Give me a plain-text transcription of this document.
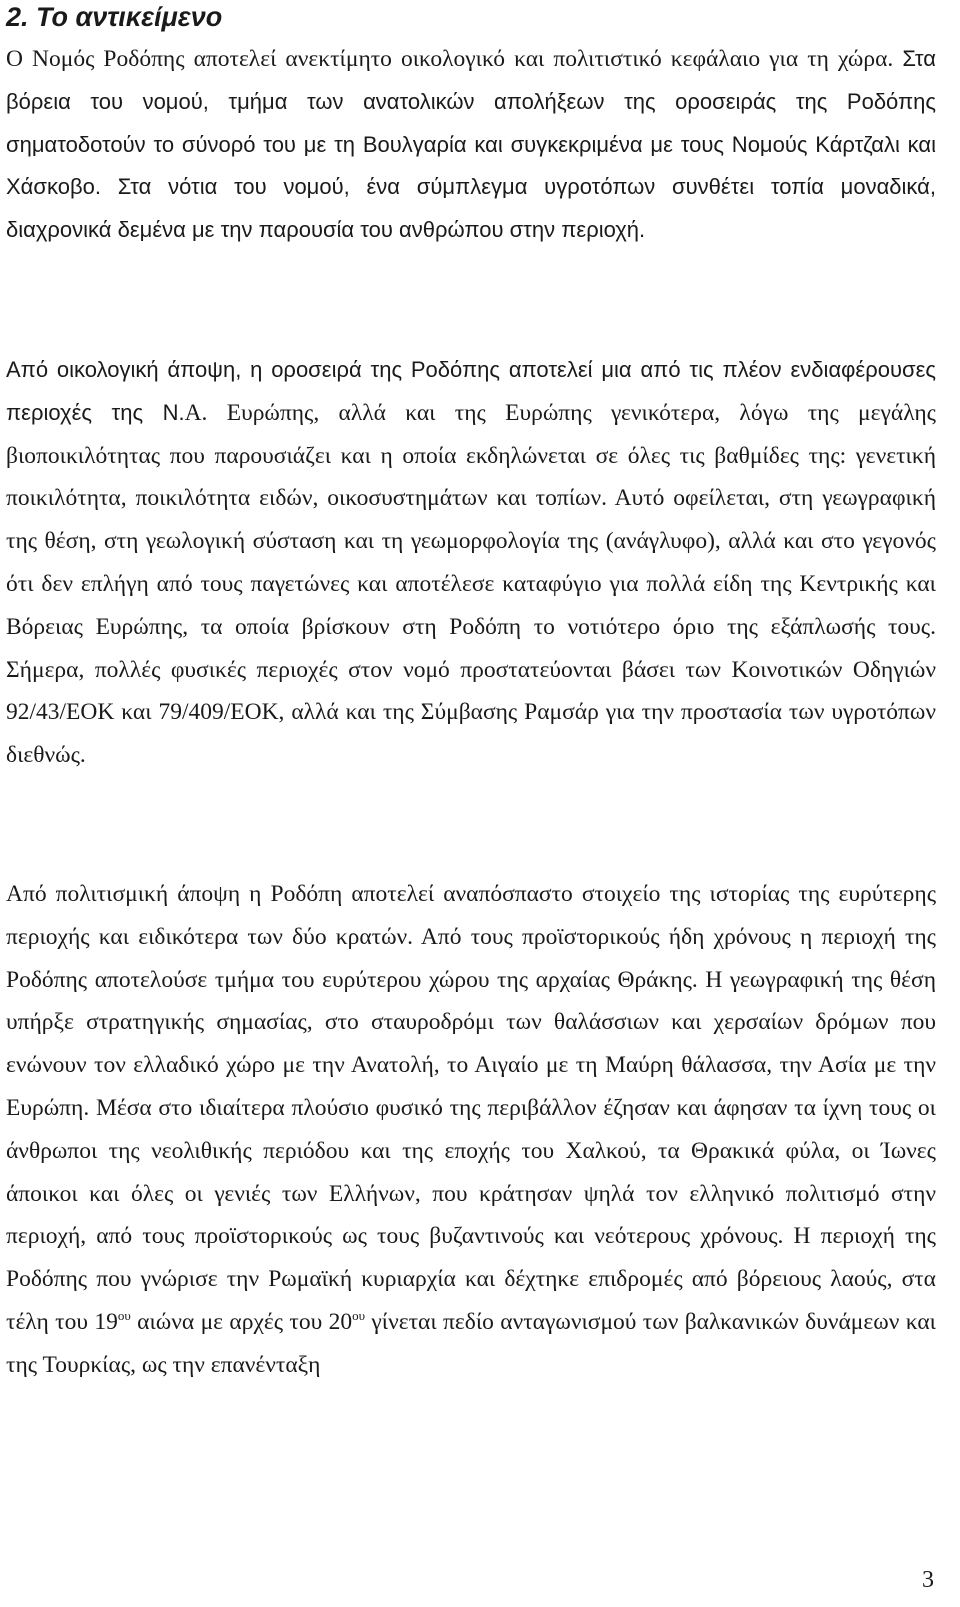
2. Το αντικείμενο

Ο Νομός Ροδόπης αποτελεί ανεκτίμητο οικολογικό και πολιτιστικό κεφάλαιο για τη χώρα. Στα βόρεια του νομού, τμήμα των ανατολικών απολήξεων της οροσειράς της Ροδόπης σηματοδοτούν το σύνορό του με τη Βουλγαρία και συγκεκριμένα με τους Νομούς Κάρτζαλι και Χάσκοβο. Στα νότια του νομού, ένα σύμπλεγμα υγροτόπων συνθέτει τοπία μοναδικά, διαχρονικά δεμένα με την παρουσία του ανθρώπου στην περιοχή.

Από οικολογική άποψη, η οροσειρά της Ροδόπης αποτελεί μια από τις πλέον ενδιαφέρουσες περιοχές της Ν.Α. Ευρώπης, αλλά και της Ευρώπης γενικότερα, λόγω της μεγάλης βιοποικιλότητας που παρουσιάζει και η οποία εκδηλώνεται σε όλες τις βαθμίδες της: γενετική ποικιλότητα, ποικιλότητα ειδών, οικοσυστημάτων και τοπίων. Αυτό οφείλεται, στη γεωγραφική της θέση, στη γεωλογική σύσταση και τη γεωμορφολογία της (ανάγλυφο), αλλά και στο γεγονός ότι δεν επλήγη από τους παγετώνες και αποτέλεσε καταφύγιο για πολλά είδη της Κεντρικής και Βόρειας Ευρώπης, τα οποία βρίσκουν στη Ροδόπη το νοτιότερο όριο της εξάπλωσής τους. Σήμερα, πολλές φυσικές περιοχές στον νομό προστατεύονται βάσει των Κοινοτικών Οδηγιών 92/43/ΕΟΚ και 79/409/ΕΟΚ, αλλά και της Σύμβασης Ραμσάρ για την προστασία των υγροτόπων διεθνώς.

Από πολιτισμική άποψη η Ροδόπη αποτελεί αναπόσπαστο στοιχείο της ιστορίας της ευρύτερης περιοχής και ειδικότερα των δύο κρατών. Από τους προϊστορικούς ήδη χρόνους η περιοχή της Ροδόπης αποτελούσε τμήμα του ευρύτερου χώρου της αρχαίας Θράκης. Η γεωγραφική της θέση υπήρξε στρατηγικής σημασίας, στο σταυροδρόμι των θαλάσσιων και χερσαίων δρόμων που ενώνουν τον ελλαδικό χώρο με την Ανατολή, το Αιγαίο με τη Μαύρη θάλασσα, την Ασία με την Ευρώπη. Μέσα στο ιδιαίτερα πλούσιο φυσικό της περιβάλλον έζησαν και άφησαν τα ίχνη τους οι άνθρωποι της νεολιθικής περιόδου και της εποχής του Χαλκού, τα Θρακικά φύλα, οι Ίωνες άποικοι και όλες οι γενιές των Ελλήνων, που κράτησαν ψηλά τον ελληνικό πολιτισμό στην περιοχή, από τους προϊστορικούς ως τους βυζαντινούς και νεότερους χρόνους. Η περιοχή της Ροδόπης που γνώρισε την Ρωμαϊκή κυριαρχία και δέχτηκε επιδρομές από βόρειους λαούς, στα τέλη του $19^{o\upsilon}$ αιώνα με αρχές του $20^{o\upsilon}$ γίνεται πεδίο ανταγωνισμού των βαλκανικών δυνάμεων και της Τουρκίας, ως την επανένταξη

3
